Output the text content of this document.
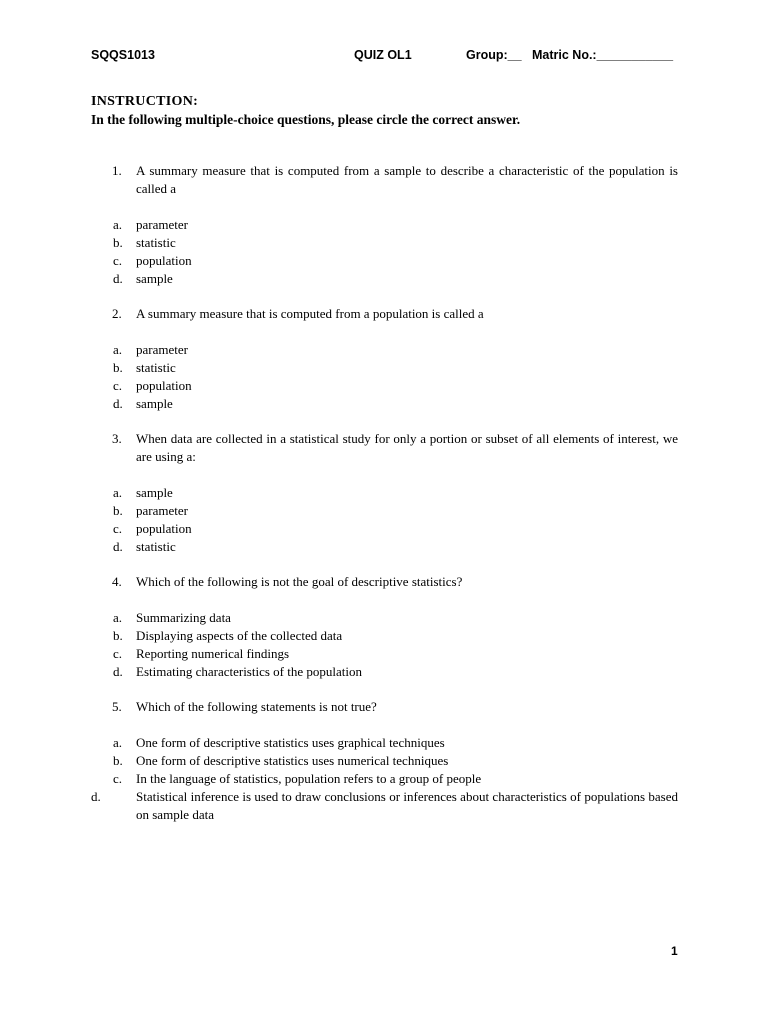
SQQS1013	QUIZ OL1	Group:__ Matric No.:___________
INSTRUCTION:
In the following multiple-choice questions, please circle the correct answer.
1. A summary measure that is computed from a sample to describe a characteristic of the population is called a
a. parameter
b. statistic
c. population
d. sample
2. A summary measure that is computed from a population is called a
a. parameter
b. statistic
c. population
d. sample
3. When data are collected in a statistical study for only a portion or subset of all elements of interest, we are using a:
a. sample
b. parameter
c. population
d. statistic
4. Which of the following is not the goal of descriptive statistics?
a. Summarizing data
b. Displaying aspects of the collected data
c. Reporting numerical findings
d. Estimating characteristics of the population
5. Which of the following statements is not true?
a. One form of descriptive statistics uses graphical techniques
b. One form of descriptive statistics uses numerical techniques
c. In the language of statistics, population refers to a group of people
d.	Statistical inference is used to draw conclusions or inferences about characteristics of populations based on sample data
1
